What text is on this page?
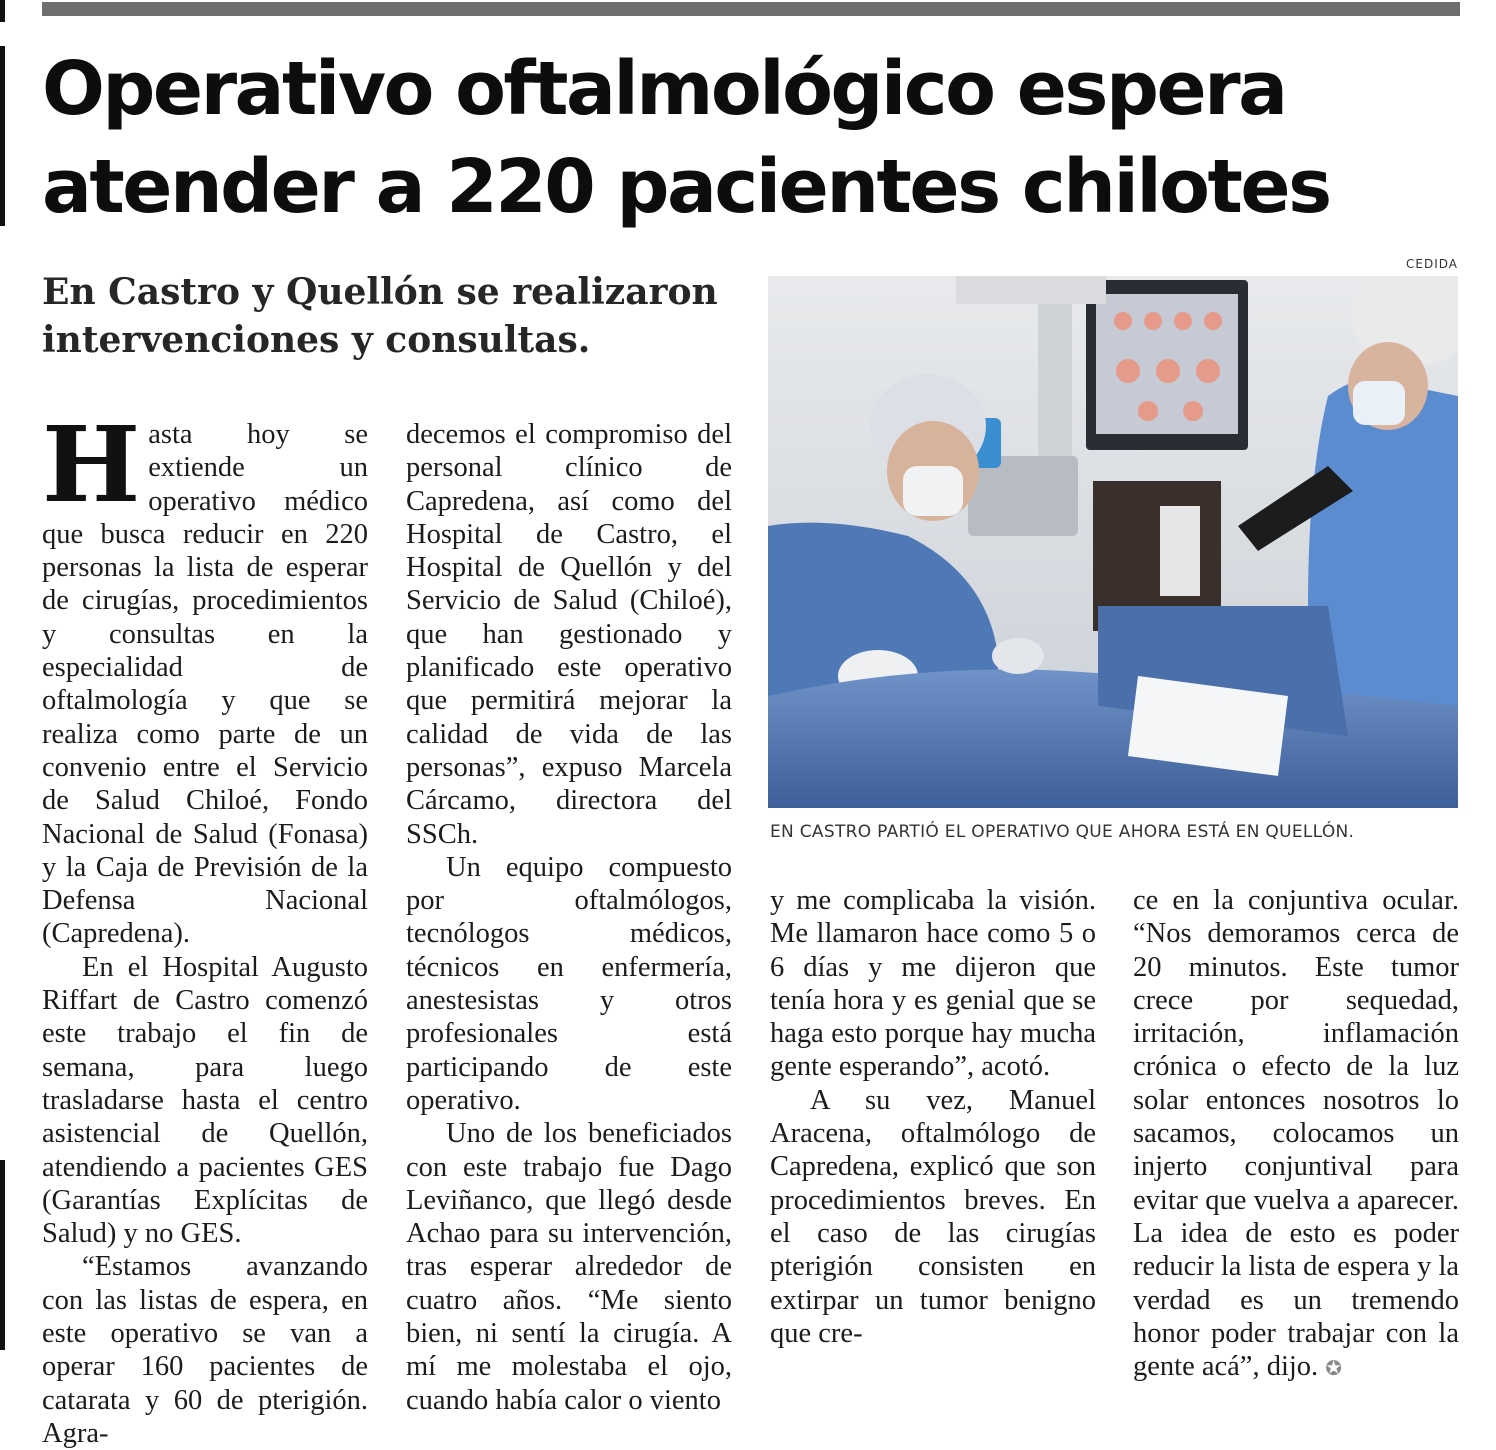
Operativo oftalmológico espera atender a 220 pacientes chilotes
En Castro y Quellón se realizaron intervenciones y consultas.
CEDIDA
EN CASTRO PARTIÓ EL OPERATIVO QUE AHORA ESTÁ EN QUELLÓN.
H asta hoy se extiende un operativo médico que busca reducir en 220 personas la lista de esperar de cirugías, procedimientos y consultas en la especialidad de oftalmología y que se realiza como parte de un convenio entre el Servicio de Salud Chiloé, Fondo Nacional de Salud (Fonasa) y la Caja de Previsión de la Defensa Nacional (Capredena).

En el Hospital Augusto Riffart de Castro comenzó este trabajo el fin de semana, para luego trasladarse hasta el centro asistencial de Quellón, atendiendo a pacientes GES (Garantías Explícitas de Salud) y no GES.

“Estamos avanzando con las listas de espera, en este operativo se van a operar 160 pacientes de catarata y 60 de pterigión. Agra-

decemos el compromiso del personal clínico de Capredena, así como del Hospital de Castro, el Hospital de Quellón y del Servicio de Salud (Chiloé), que han gestionado y planificado este operativo que permitirá mejorar la calidad de vida de las personas”, expuso Marcela Cárcamo, directora del SSCh.

Un equipo compuesto por oftalmólogos, tecnólogos médicos, técnicos en enfermería, anestesistas y otros profesionales está participando de este operativo.

Uno de los beneficiados con este trabajo fue Dago Leviñanco, que llegó desde Achao para su intervención, tras esperar alrededor de cuatro años. “Me siento bien, ni sentí la cirugía. A mí me molestaba el ojo, cuando había calor o viento

y me complicaba la visión. Me llamaron hace como 5 o 6 días y me dijeron que tenía hora y es genial que se haga esto porque hay mucha gente esperando”, acotó.

A su vez, Manuel Aracena, oftalmólogo de Capredena, explicó que son procedimientos breves. En el caso de las cirugías pterigión consisten en extirpar un tumor benigno que cre-

ce en la conjuntiva ocular. “Nos demoramos cerca de 20 minutos. Este tumor crece por sequedad, irritación, inflamación crónica o efecto de la luz solar entonces nosotros lo sacamos, colocamos un injerto conjuntival para evitar que vuelva a aparecer. La idea de esto es poder reducir la lista de espera y la verdad es un tremendo honor poder trabajar con la gente acá”, dijo. ✪
